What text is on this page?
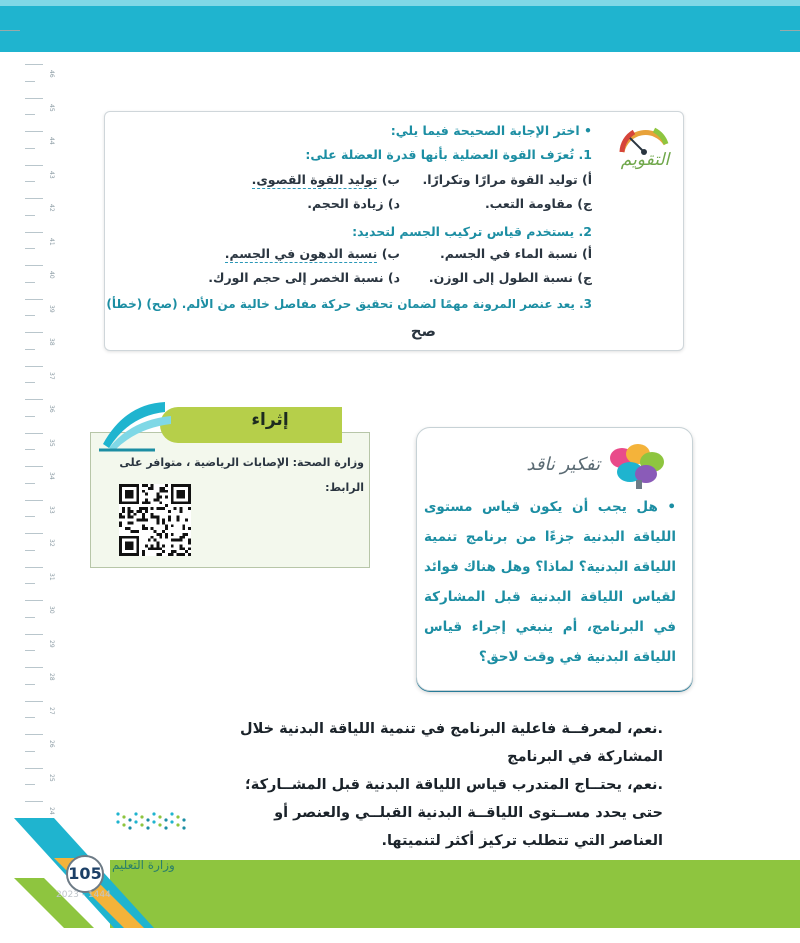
46
45
44
43
42
41
40
39
38
37
36
35
34
33
32
31
30
29
28
27
26
25
24
التقويم
• اختر الإجابة الصحيحة فيما يلي:
1. تُعرَف القوة العضلية بأنها قدرة العضلة على:
أ) توليد القوة مرارًا وتكرارًا.
ب) توليد القوة القصوى.
ج) مقاومة التعب.
د) زيادة الحجم.
2. يستخدم قياس تركيب الجسم لتحديد:
أ) نسبة الماء في الجسم.
ب) نسبة الدهون في الجسم.
ج) نسبة الطول إلى الوزن.
د) نسبة الخصر إلى حجم الورك.
3. يعد عنصر المرونة مهمًا لضمان تحقيق حركة مفاصل خالية من الألم. (صح) (خطأ)
صح
إثراء
وزارة الصحة: الإصابات الرياضية ، متوافر على
الرابط:
تفكير ناقد
• هل يجب أن يكون قياس مستوى اللياقة البدنية جزءًا من برنامج تنمية اللياقة البدنية؟ لماذا؟ وهل هناك فوائد لقياس اللياقة البدنية قبل المشاركة في البرنامج، أم ينبغي إجراء قياس اللياقة البدنية في وقت لاحق؟
.نعم، لمعرفــة فاعلية البرنامج في تنمية اللياقة البدنية خلال
المشاركة في البرنامج
.نعم، يحتــاج المتدرب قياس اللياقة البدنية قبل المشــاركة؛
حتى يحدد مســتوى اللياقــة البدنية القبلــي والعنصر أو
العناصر التي تتطلب تركيز أكثر لتنميتها.
105 وزارة التعليم
2023 - 1444
